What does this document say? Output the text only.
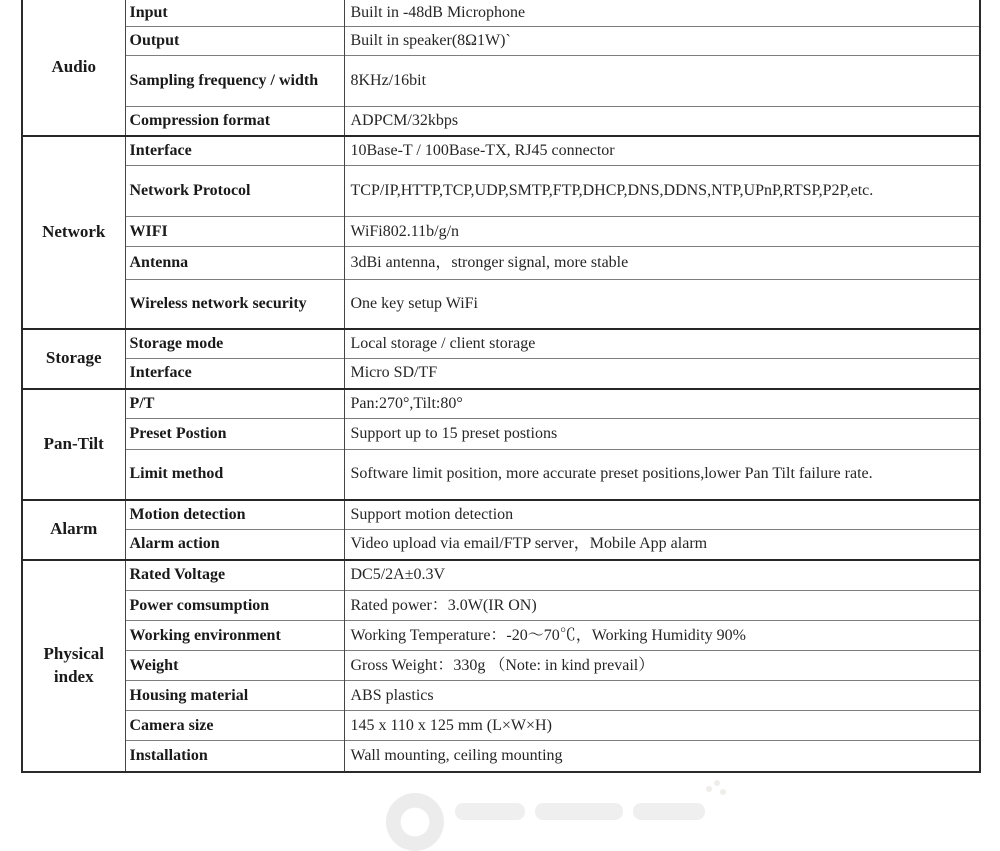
Audio	Input	Built in -48dB Microphone
	Output	Built in speaker(8Ω1W)`
	Sampling frequency / width	8KHz/16bit
	Compression format	ADPCM/32kbps
Network	Interface	10Base-T / 100Base-TX, RJ45 connector
	Network Protocol	TCP/IP,HTTP,TCP,UDP,SMTP,FTP,DHCP,DNS,DDNS,NTP,UPnP,RTSP,P2P,etc.
	WIFI	WiFi802.11b/g/n
	Antenna	3dBi antenna，stronger signal, more stable
	Wireless network security	One key setup WiFi
Storage	Storage mode	Local storage / client storage
	Interface	Micro SD/TF
Pan-Tilt	P/T	Pan:270°,Tilt:80°
	Preset Postion	Support up to 15 preset postions
	Limit method	Software limit position, more accurate preset positions,lower Pan Tilt failure rate.
Alarm	Motion detection	Support motion detection
	Alarm action	Video upload via email/FTP server，Mobile App alarm
Physical index	Rated Voltage	DC5/2A±0.3V
	Power comsumption	Rated power：3.0W(IR ON)
	Working environment	Working Temperature：-20～70℃，Working Humidity 90%
	Weight	Gross Weight：330g （Note: in kind prevail）
	Housing material	ABS plastics
	Camera size	145 x 110 x 125 mm (L×W×H)
	Installation	Wall mounting, ceiling mounting
